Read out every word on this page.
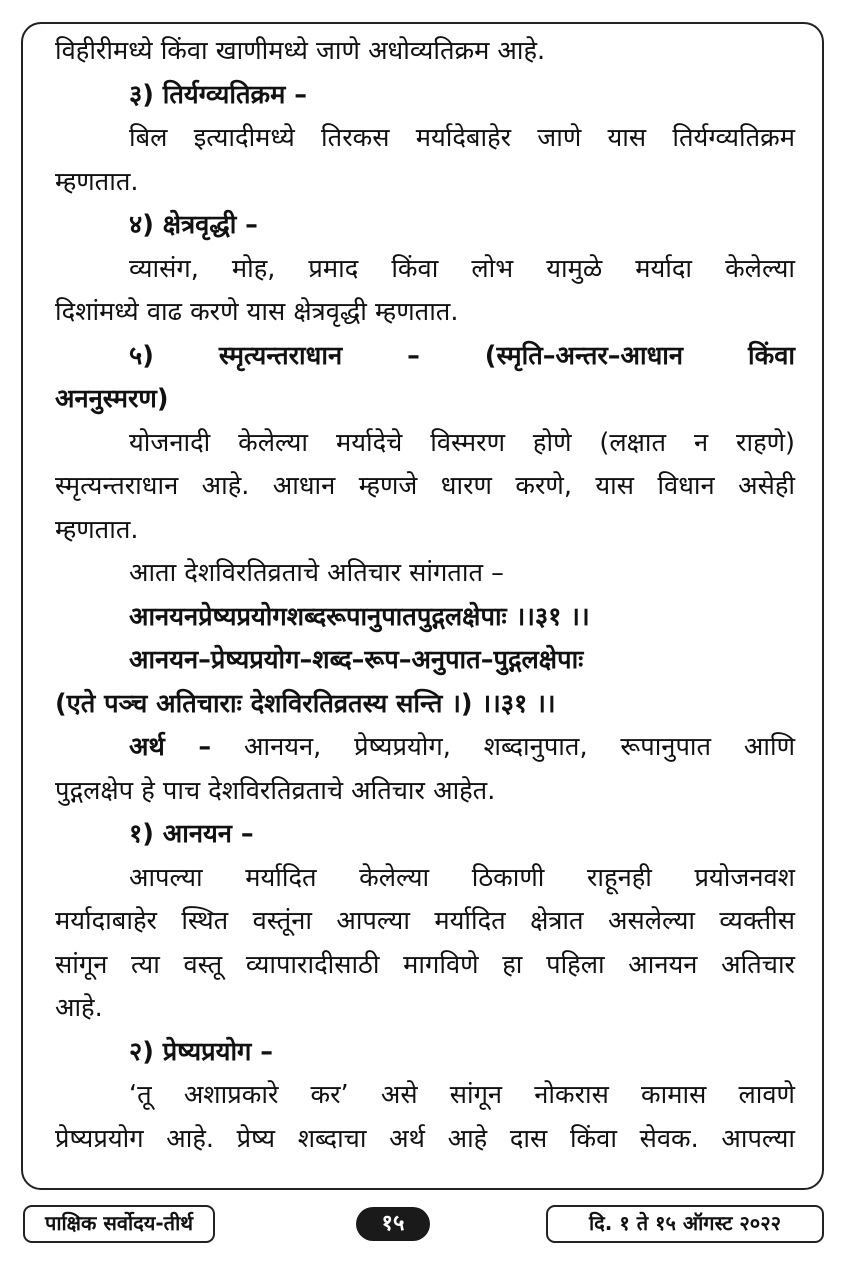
विहीरीमध्ये किंवा खाणीमध्ये जाणे अधोव्यतिक्रम आहे.
३) तिर्यग्व्यतिक्रम –
बिल इत्यादीमध्ये तिरकस मर्यादेबाहेर जाणे यास तिर्यग्व्यतिक्रम
म्हणतात.
४) क्षेत्रवृद्धी –
व्यासंग, मोह, प्रमाद किंवा लोभ यामुळे मर्यादा केलेल्या
दिशांमध्ये वाढ करणे यास क्षेत्रवृद्धी म्हणतात.
५) स्मृत्यन्तराधान – (स्मृति–अन्तर–आधान किंवा
अननुस्मरण)
योजनादी केलेल्या मर्यादेचे विस्मरण होणे (लक्षात न राहणे)
स्मृत्यन्तराधान आहे. आधान म्हणजे धारण करणे, यास विधान असेही
म्हणतात.
आता देशविरतिव्रताचे अतिचार सांगतात –
आनयनप्रेष्यप्रयोगशब्दरूपानुपातपुद्गलक्षेपाः ।।३१ ।।
आनयन–प्रेष्यप्रयोग–शब्द–रूप–अनुपात–पुद्गलक्षेपाः
(एते पञ्च अतिचाराः देशविरतिव्रतस्य सन्ति ।) ।।३१ ।।
अर्थ – आनयन, प्रेष्यप्रयोग, शब्दानुपात, रूपानुपात आणि
पुद्गलक्षेप हे पाच देशविरतिव्रताचे अतिचार आहेत.
१) आनयन –
आपल्या मर्यादित केलेल्या ठिकाणी राहूनही प्रयोजनवश
मर्यादाबाहेर स्थित वस्तूंना आपल्या मर्यादित क्षेत्रात असलेल्या व्यक्तीस
सांगून त्या वस्तू व्यापारादीसाठी मागविणे हा पहिला आनयन अतिचार
आहे.
२) प्रेष्यप्रयोग –
‘तू अशाप्रकारे कर’ असे सांगून नोकरास कामास लावणे
प्रेष्यप्रयोग आहे. प्रेष्य शब्दाचा अर्थ आहे दास किंवा सेवक. आपल्या
पाक्षिक सर्वोदय-तीर्थ	१५	दि. १ ते १५ ऑगस्ट २०२२
